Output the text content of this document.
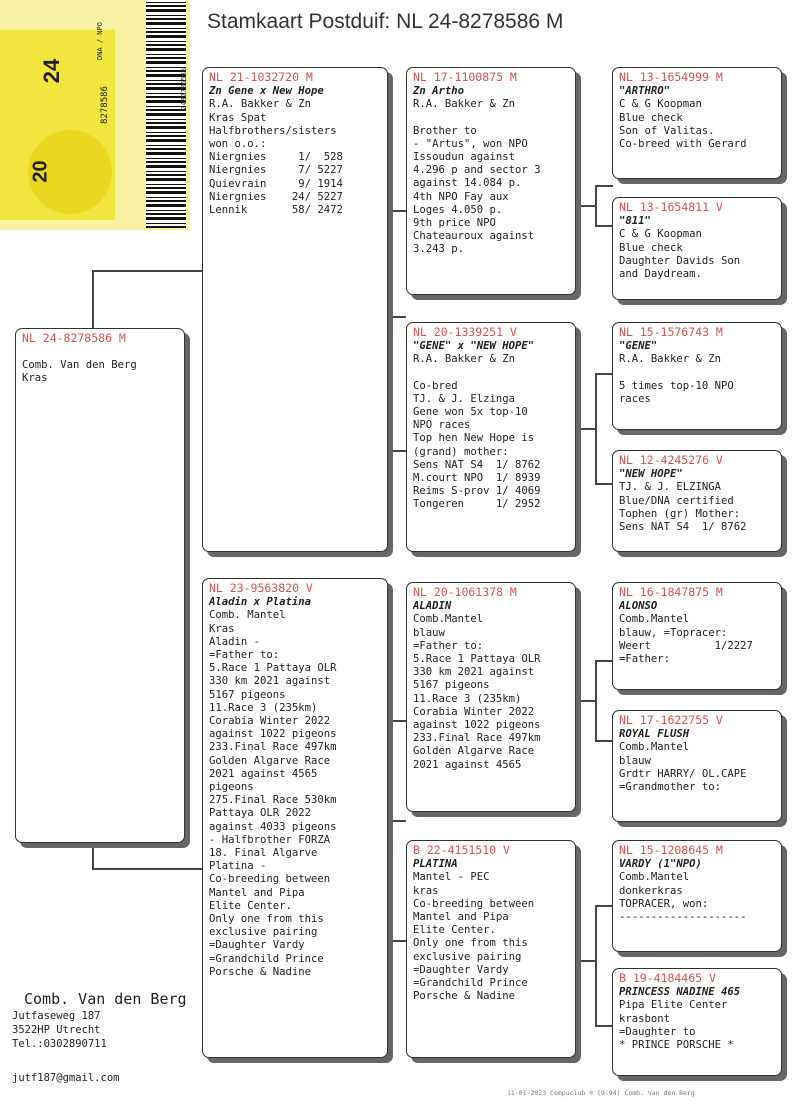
24
20
8278586
DNA / NPO
2482786586
Stamkaart Postduif: NL 24-8278586 M
NL 24-8278586 M
Comb. Van den Berg
Kras
NL 21-1032720 M
Zn Gene x New Hope
R.A. Bakker & Zn
Kras Spat
Halfbrothers/sisters
won o.o.:
Niergnies     1/  528
Niergnies     7/ 5227
Quievrain     9/ 1914
Niergnies    24/ 5227
Lennik       58/ 2472
NL 23-9563820 V
Aladin x Platina
Comb. Mantel
Kras
Aladin -
=Father to:
5.Race 1 Pattaya OLR
330 km 2021 against
5167 pigeons
11.Race 3 (235km)
Corabia Winter 2022
against 1022 pigeons
233.Final Race 497km
Golden Algarve Race
2021 against 4565
pigeons
275.Final Race 530km
Pattaya OLR 2022
against 4033 pigeons
- Halfbrother FORZA
18. Final Algarve
Platina -
Co-breeding between
Mantel and Pipa
Elite Center.
Only one from this
exclusive pairing
=Daughter Vardy
=Grandchild Prince
Porsche & Nadine
NL 17-1100875 M
Zn Artho
R.A. Bakker & Zn
Brother to
- "Artus", won NPO
Issoudun against
4.296 p and sector 3
against 14.084 p.
4th NPO Fay aux
Loges 4.050 p.
9th price NPO
Chateauroux against
3.243 p.
NL 20-1339251 V
"GENE" x "NEW HOPE"
R.A. Bakker & Zn
Co-bred
TJ. & J. Elzinga
Gene won 5x top-10
NPO races
Top hen New Hope is
(grand) mother:
Sens NAT S4  1/ 8762
M.court NPO  1/ 8939
Reims S-prov 1/ 4069
Tongeren     1/ 2952
NL 20-1061378 M
ALADIN
Comb.Mantel
blauw
=Father to:
5.Race 1 Pattaya OLR
330 km 2021 against
5167 pigeons
11.Race 3 (235km)
Corabia Winter 2022
against 1022 pigeons
233.Final Race 497km
Golden Algarve Race
2021 against 4565
B 22-4151510 V
PLATINA
Mantel - PEC
kras
Co-breeding between
Mantel and Pipa
Elite Center.
Only one from this
exclusive pairing
=Daughter Vardy
=Grandchild Prince
Porsche & Nadine
NL 13-1654999 M
"ARTHRO"
C & G Koopman
Blue check
Son of Valitas.
Co-breed with Gerard
NL 13-1654811 V
"811"
C & G Koopman
Blue check
Daughter Davids Son
and Daydream.
NL 15-1576743 M
"GENE"
R.A. Bakker & Zn
5 times top-10 NPO
races
NL 12-4245276 V
"NEW HOPE"
TJ. & J. ELZINGA
Blue/DNA certified
Tophen (gr) Mother:
Sens NAT S4  1/ 8762
NL 16-1847875 M
ALONSO
Comb.Mantel
blauw, =Topracer:
Weert          1/2227
=Father:
NL 17-1622755 V
ROYAL FLUSH
Comb.Mantel
blauw
Grdtr HARRY/ OL.CAPE
=Grandmother to:
NL 15-1208645 M
VARDY (1"NPO)
Comb.Mantel
donkerkras
TOPRACER, won:
--------------------
B 19-4184465 V
PRINCESS NADINE 465
Pipa Elite Center
krasbont
=Daughter to
* PRINCE PORSCHE *
Comb. Van den Berg
Jutfaseweg 187
3522HP Utrecht
Tel.:0302890711
jutf187@gmail.com
11-01-2023 Compuclub ® (9.94) Comb. Van den Berg
